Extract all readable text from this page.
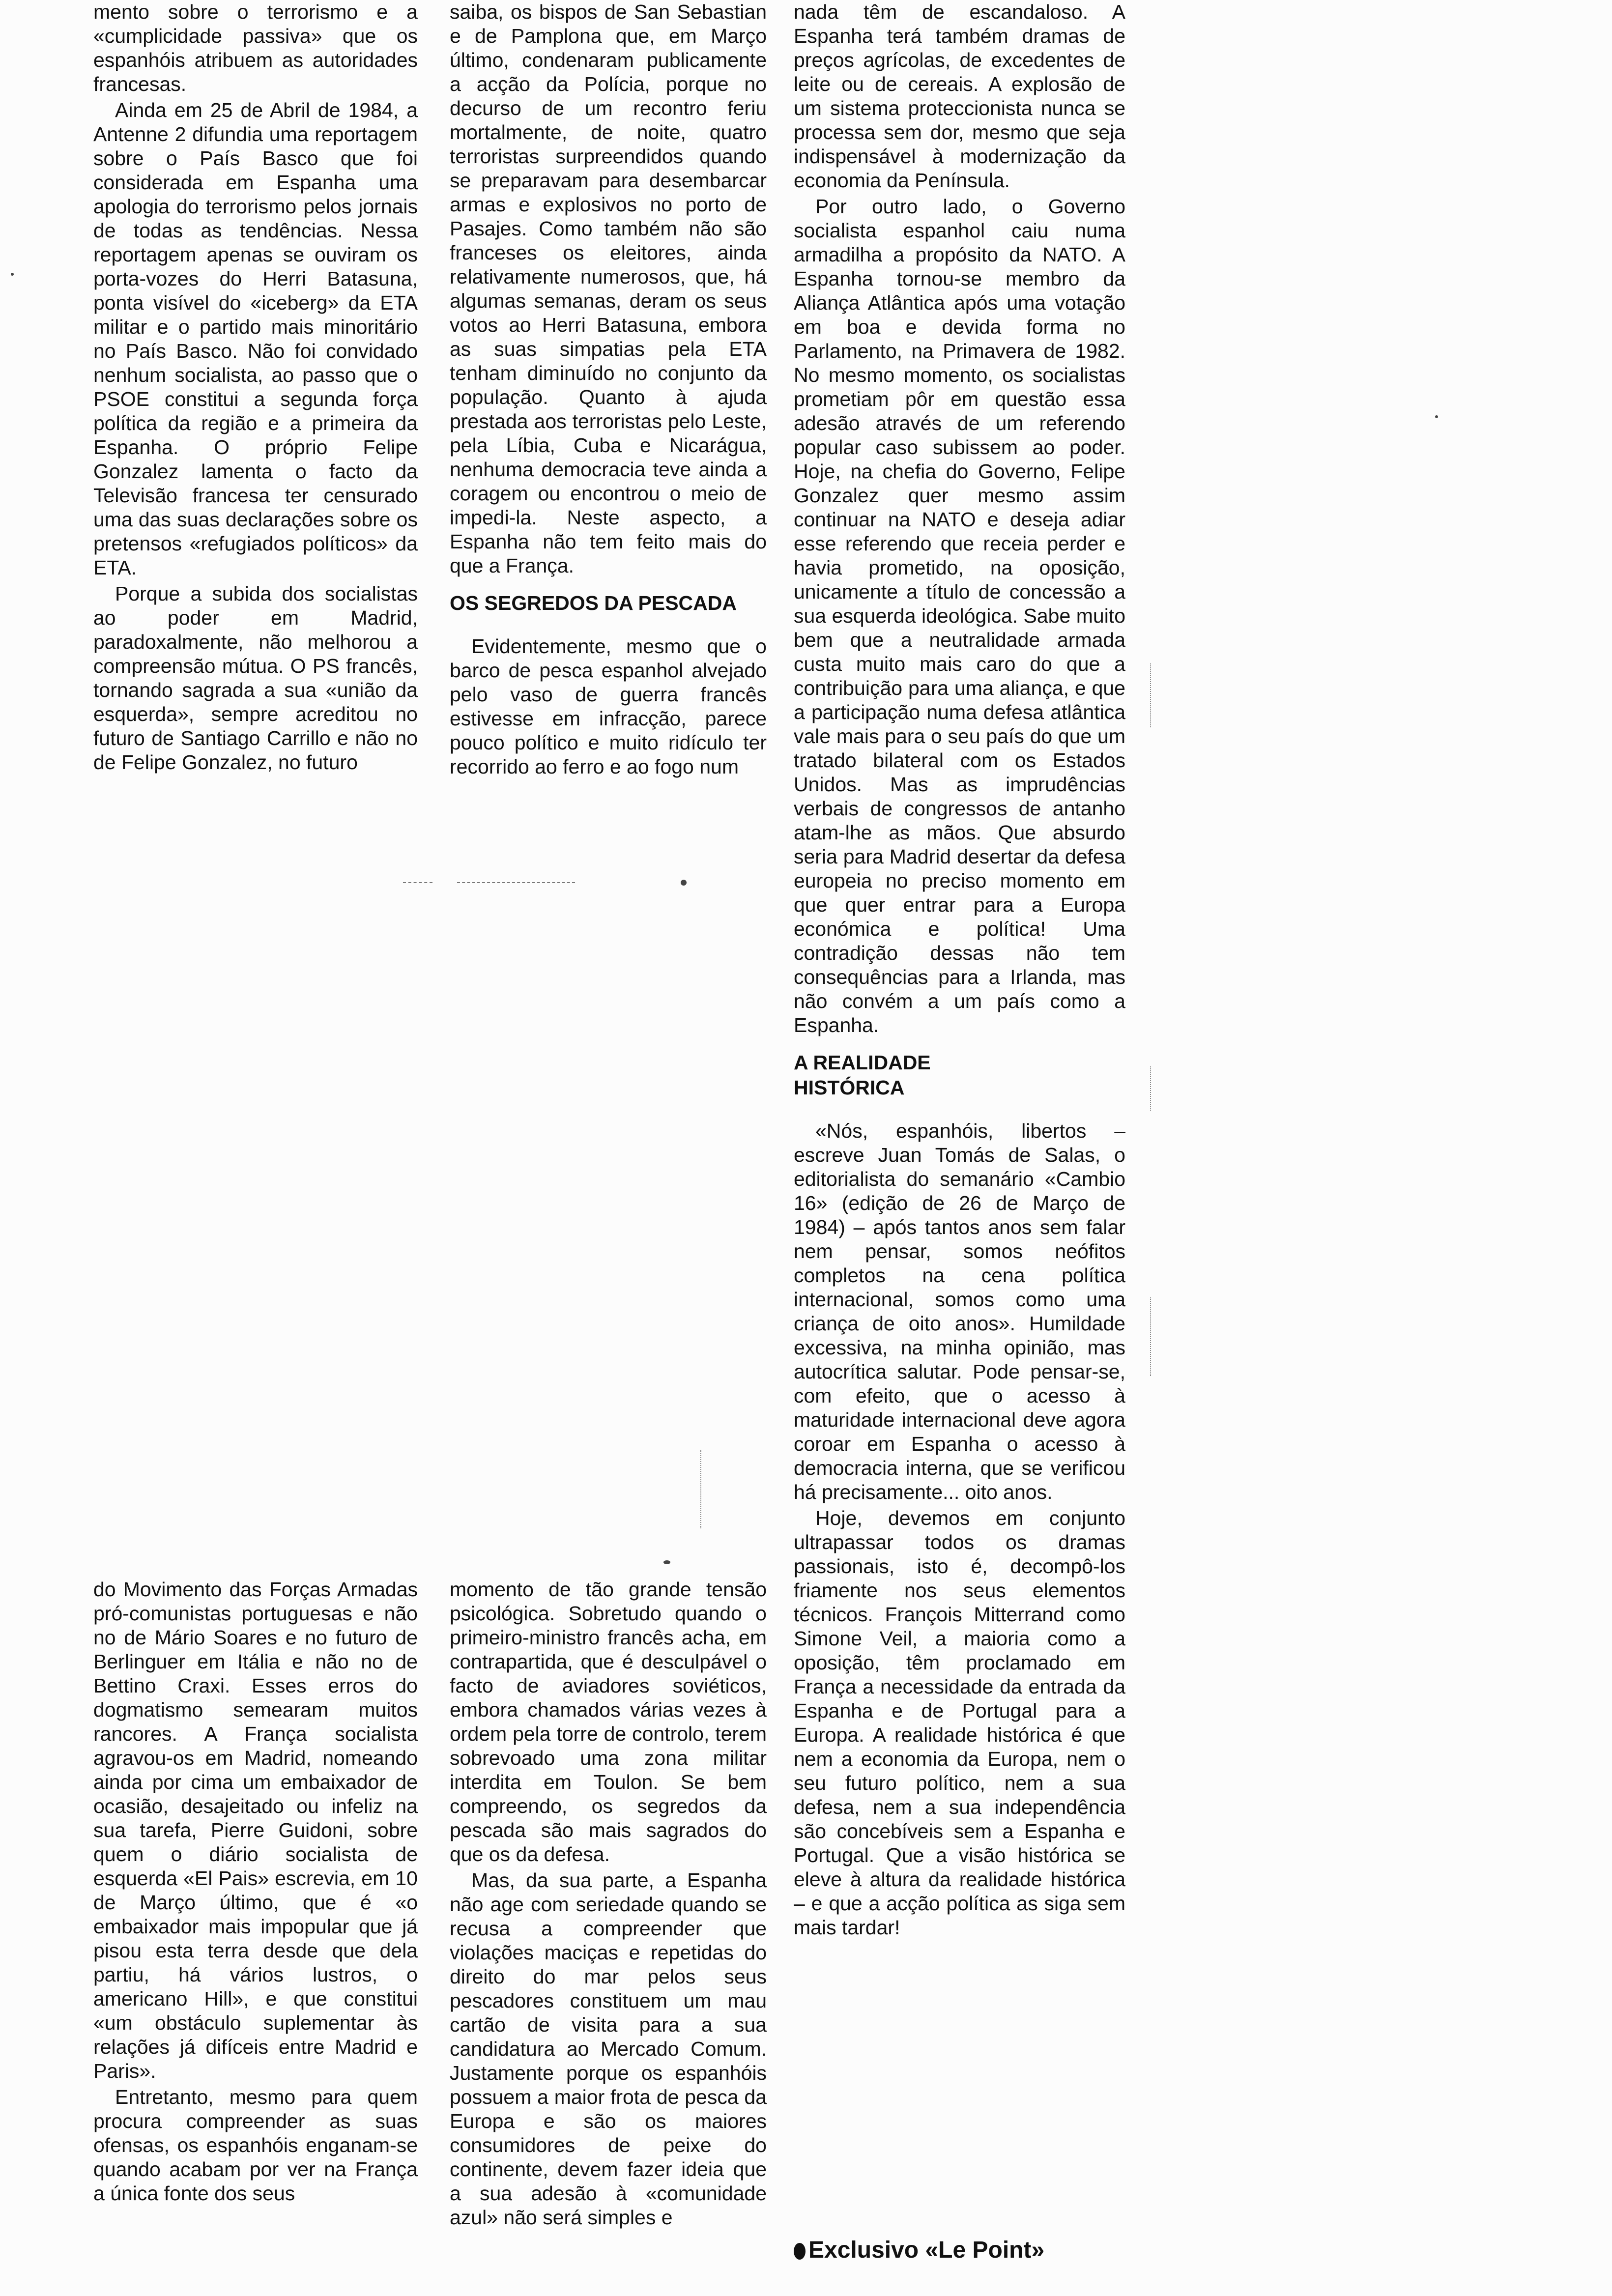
mento sobre o terrorismo e a «cumplicidade passiva» que os espanhóis atribuem as autoridades francesas.

Ainda em 25 de Abril de 1984, a Antenne 2 difundia uma reportagem sobre o País Basco que foi considerada em Espanha uma apologia do terrorismo pelos jornais de todas as tendências. Nessa reportagem apenas se ouviram os porta-vozes do Herri Batasuna, ponta visível do «iceberg» da ETA militar e o partido mais minoritário no País Basco. Não foi convidado nenhum socialista, ao passo que o PSOE constitui a segunda força política da região e a primeira da Espanha. O próprio Felipe Gonzalez lamenta o facto da Televisão francesa ter censurado uma das suas declarações sobre os pretensos «refugiados políticos» da ETA.

Porque a subida dos socialistas ao poder em Madrid, paradoxalmente, não melhorou a compreensão mútua. O PS francês, tornando sagrada a sua «união da esquerda», sempre acreditou no futuro de Santiago Carrillo e não no de Felipe Gonzalez, no futuro

saiba, os bispos de San Sebastian e de Pamplona que, em Março último, condenaram publicamente a acção da Polícia, porque no decurso de um recontro feriu mortalmente, de noite, quatro terroristas surpreendidos quando se preparavam para desembarcar armas e explosivos no porto de Pasajes. Como também não são franceses os eleitores, ainda relativamente numerosos, que, há algumas semanas, deram os seus votos ao Herri Batasuna, embora as suas simpatias pela ETA tenham diminuído no conjunto da população. Quanto à ajuda prestada aos terroristas pelo Leste, pela Líbia, Cuba e Nicarágua, nenhuma democracia teve ainda a coragem ou encontrou o meio de impedi-la. Neste aspecto, a Espanha não tem feito mais do que a França.

OS SEGREDOS DA PESCADA

Evidentemente, mesmo que o barco de pesca espanhol alvejado pelo vaso de guerra francês estivesse em infracção, parece pouco político e muito ridículo ter recorrido ao ferro e ao fogo num

nada têm de escandaloso. A Espanha terá também dramas de preços agrícolas, de excedentes de leite ou de cereais. A explosão de um sistema proteccionista nunca se processa sem dor, mesmo que seja indispensável à modernização da economia da Península.

Por outro lado, o Governo socialista espanhol caiu numa armadilha a propósito da NATO. A Espanha tornou-se membro da Aliança Atlântica após uma votação em boa e devida forma no Parlamento, na Primavera de 1982. No mesmo momento, os socialistas prometiam pôr em questão essa adesão através de um referendo popular caso subissem ao poder. Hoje, na chefia do Governo, Felipe Gonzalez quer mesmo assim continuar na NATO e deseja adiar esse referendo que receia perder e havia prometido, na oposição, unicamente a título de concessão a sua esquerda ideológica. Sabe muito bem que a neutralidade armada custa muito mais caro do que a contribuição para uma aliança, e que a participação numa defesa atlântica vale mais para o seu país do que um tratado bilateral com os Estados Unidos. Mas as imprudências verbais de congressos de antanho atam-lhe as mãos. Que absurdo seria para Madrid desertar da defesa europeia no preciso momento em que quer entrar para a Europa económica e política! Uma contradição dessas não tem consequências para a Irlanda, mas não convém a um país como a Espanha.

A REALIDADE HISTÓRICA

«Nós, espanhóis, libertos – escreve Juan Tomás de Salas, o editorialista do semanário «Cambio 16» (edição de 26 de Março de 1984) – após tantos anos sem falar nem pensar, somos neófitos completos na cena política internacional, somos como uma criança de oito anos». Humildade excessiva, na minha opinião, mas autocrítica salutar. Pode pensar-se, com efeito, que o acesso à maturidade internacional deve agora coroar em Espanha o acesso à democracia interna, que se verificou há precisamente... oito anos.

Hoje, devemos em conjunto ultrapassar todos os dramas passionais, isto é, decompô-los friamente nos seus elementos técnicos. François Mitterrand como Simone Veil, a maioria como a oposição, têm proclamado em França a necessidade da entrada da Espanha e de Portugal para a Europa. A realidade histórica é que nem a economia da Europa, nem o seu futuro político, nem a sua defesa, nem a sua independência são concebíveis sem a Espanha e Portugal. Que a visão histórica se eleve à altura da realidade histórica – e que a acção política as siga sem mais tardar!

do Movimento das Forças Armadas pró-comunistas portuguesas e não no de Mário Soares e no futuro de Berlinguer em Itália e não no de Bettino Craxi. Esses erros do dogmatismo semearam muitos rancores. A França socialista agravou-os em Madrid, nomeando ainda por cima um embaixador de ocasião, desajeitado ou infeliz na sua tarefa, Pierre Guidoni, sobre quem o diário socialista de esquerda «El Pais» escrevia, em 10 de Março último, que é «o embaixador mais impopular que já pisou esta terra desde que dela partiu, há vários lustros, o americano Hill», e que constitui «um obstáculo suplementar às relações já difíceis entre Madrid e Paris».

Entretanto, mesmo para quem procura compreender as suas ofensas, os espanhóis enganam-se quando acabam por ver na França a única fonte dos seus

momento de tão grande tensão psicológica. Sobretudo quando o primeiro-ministro francês acha, em contrapartida, que é desculpável o facto de aviadores soviéticos, embora chamados várias vezes à ordem pela torre de controlo, terem sobrevoado uma zona militar interdita em Toulon. Se bem compreendo, os segredos da pescada são mais sagrados do que os da defesa.

Mas, da sua parte, a Espanha não age com seriedade quando se recusa a compreender que violações maciças e repetidas do direito do mar pelos seus pescadores constituem um mau cartão de visita para a sua candidatura ao Mercado Comum. Justamente porque os espanhóis possuem a maior frota de pesca da Europa e são os maiores consumidores de peixe do continente, devem fazer ideia que a sua adesão à «comunidade azul» não será simples e

Exclusivo «Le Point»
